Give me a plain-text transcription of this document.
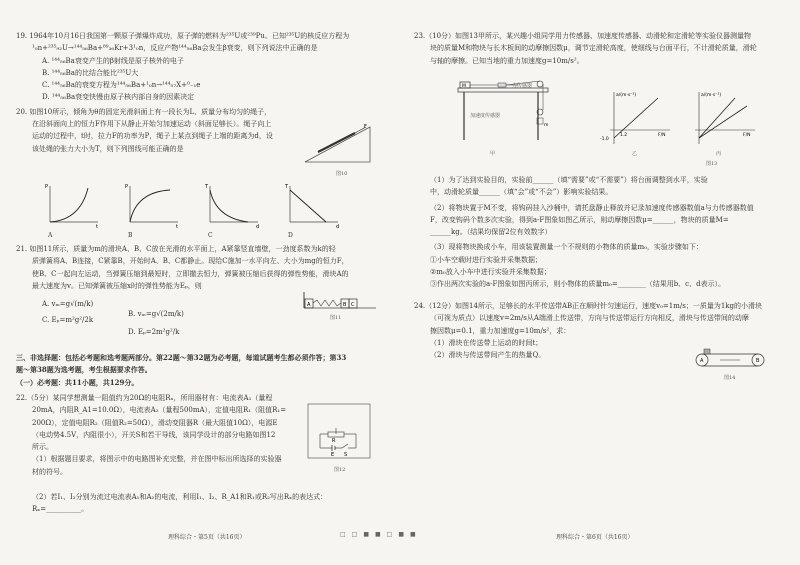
19. 1964年10月16日我国第一颗原子弹爆炸成功，原子弹的燃料为²³⁵U或²³⁹Pu。已知²³⁵U的核反应方程为

¹₀n+²³⁵₉₂U→¹⁴⁴₅₆Ba+⁸⁹₃₆Kr+3¹₀n，反应产物¹⁴⁴₅₆Ba会发生β衰变，则下列说法中正确的是

A. ¹⁴⁴₅₆Ba衰变产生的β射线是原子核外的电子

B. ¹⁴⁴₅₆Ba的比结合能比²³⁵U大

C. ¹⁴⁴₅₆Ba的衰变方程为¹⁴⁴₅₆Ba+¹₀n→¹⁴⁴₅₇X+⁰₋₁e

D. ¹⁴⁴₅₆Ba衰变快慢由原子核内部自身的因素决定

20. 如图10所示，倾角为θ的固定光滑斜面上有一段长为L、质量分布均匀的绳子，

在沿斜面向上的恒力F作用下从静止开始匀加速运动（斜面足够长）。绳子向上

运动的过程中，t时，拉力F的功率为P，绳子上某点到绳子上端的距离为d，设

该处绳的张力大小为T，则下列图线可能正确的是

F
图10
P
t
P
t
T
d
T
d
A	B	C	D

21. 如图11所示，质量为m的滑块A、B、C放在光滑的水平面上，A紧靠竖直墙壁，一劲度系数为k的轻

质弹簧将A、B连接，C紧靠B，开始时A、B、C都静止。现给C施加一水平向左、大小为mg的恒力F，

使B、C一起向左运动，当弹簧压缩到最短时，立即撤去恒力，弹簧被压缩后获得的弹性势能，滑块A的

最大速度为v。已知弹簧被压缩x时的弹性势能为Eₚ，则

A. vₘ=g√(m/k)

C. Eₚ=m²g²/2k

B. vₘ=g√(2m/k)
D. Eₚ=2m²g²/k
A	B C
图11

三、非选择题：包括必考题和选考题两部分。第22题～第32题为必考题，每道试题考生都必须作答；第33

题～第38题为选考题，考生根据要求作答。

（一）必考题：共11小题，共129分。

22.（5分）某同学想测量一阻值约为20Ω的电阻Rₓ，所用器材有：电流表A₁（量程

20mA，内阻R_A1=10.0Ω），电流表A₂（量程500mA），定值电阻R₁（阻值R₁=

200Ω），定值电阻R₂（阻值R₂=50Ω），滑动变阻器R（最大阻值10Ω），电源E

（电动势4.5V，内阻很小），开关S和若干导线，该同学设计的部分电路如图12

所示。

（1）根据题目要求，将图示中的电路图补充完整，并在图中标出所选择的实验器

材的符号。

（2）若I₁、I₂分别为流过电流表A₁和A₂的电流，利用I₁、I₂、R_A1和R₁或R₂写出Rₓ的表达式：

Rₓ=__________。

R
E S
图12

23.（10分）如图13甲所示，某兴趣小组同学用力传感器、加速度传感器、动滑轮和定滑轮等实验仪器测量物

块的质量M和物块与长木板间的动摩擦因数μ，调节定滑轮高度，使细线与台面平行，不计滑轮质量，滑轮

与轴的摩擦。已知当地的重力加速度g=10m/s²。

M
m
力传感器
加速度传感器
甲
a/(m·s⁻²)
F/N
1.2
-1.0
乙
a/(m·s⁻²)
F/N
丙
图13

（1）为了达到实验目的，实验前______（填“需要”或“不需要”）将台面调整到水平，实验

中，动滑轮质量______（填“会”或“不会”）影响实验结果。

（2）将物块置于M不变，将钩码挂入沙桶中，请托盘静止释放并记录加速度传感器数值a与力传感器数值

F，改变钩码个数多次实验，得到a-F图象如图乙所示，则动摩擦因数μ=______，物块的质量M=

______kg。（结果均保留2位有效数字）

（3）现将物块换成小车，用该装置测量一个不规则的小物体的质量m₀，实验步骤如下：

①小车空载时进行实验并采集数据；

②m₀放入小车中进行实验并采集数据；

③作出两次实验的a-F图象如图丙所示，则小物体的质量m₀=________（结果用b、c、d表示）。

24.（12分）如图14所示，足够长的水平传送带AB正在顺时针匀速运行，速度v₀=1m/s；一质量为1kg的小滑块

（可视为质点）以速度v=2m/s从A端滑上传送带，方向与传送带运行方向相反，滑块与传送带间的动摩

擦因数μ=0.1，重力加速度g=10m/s²，求：

（1）滑块在传送带上运动的时间t；

（2）滑块与传送带间产生的热量Q。

A	B
图14
理科综合・第5页（共16页）	□□■■□■■	理科综合・第6页（共16页）
